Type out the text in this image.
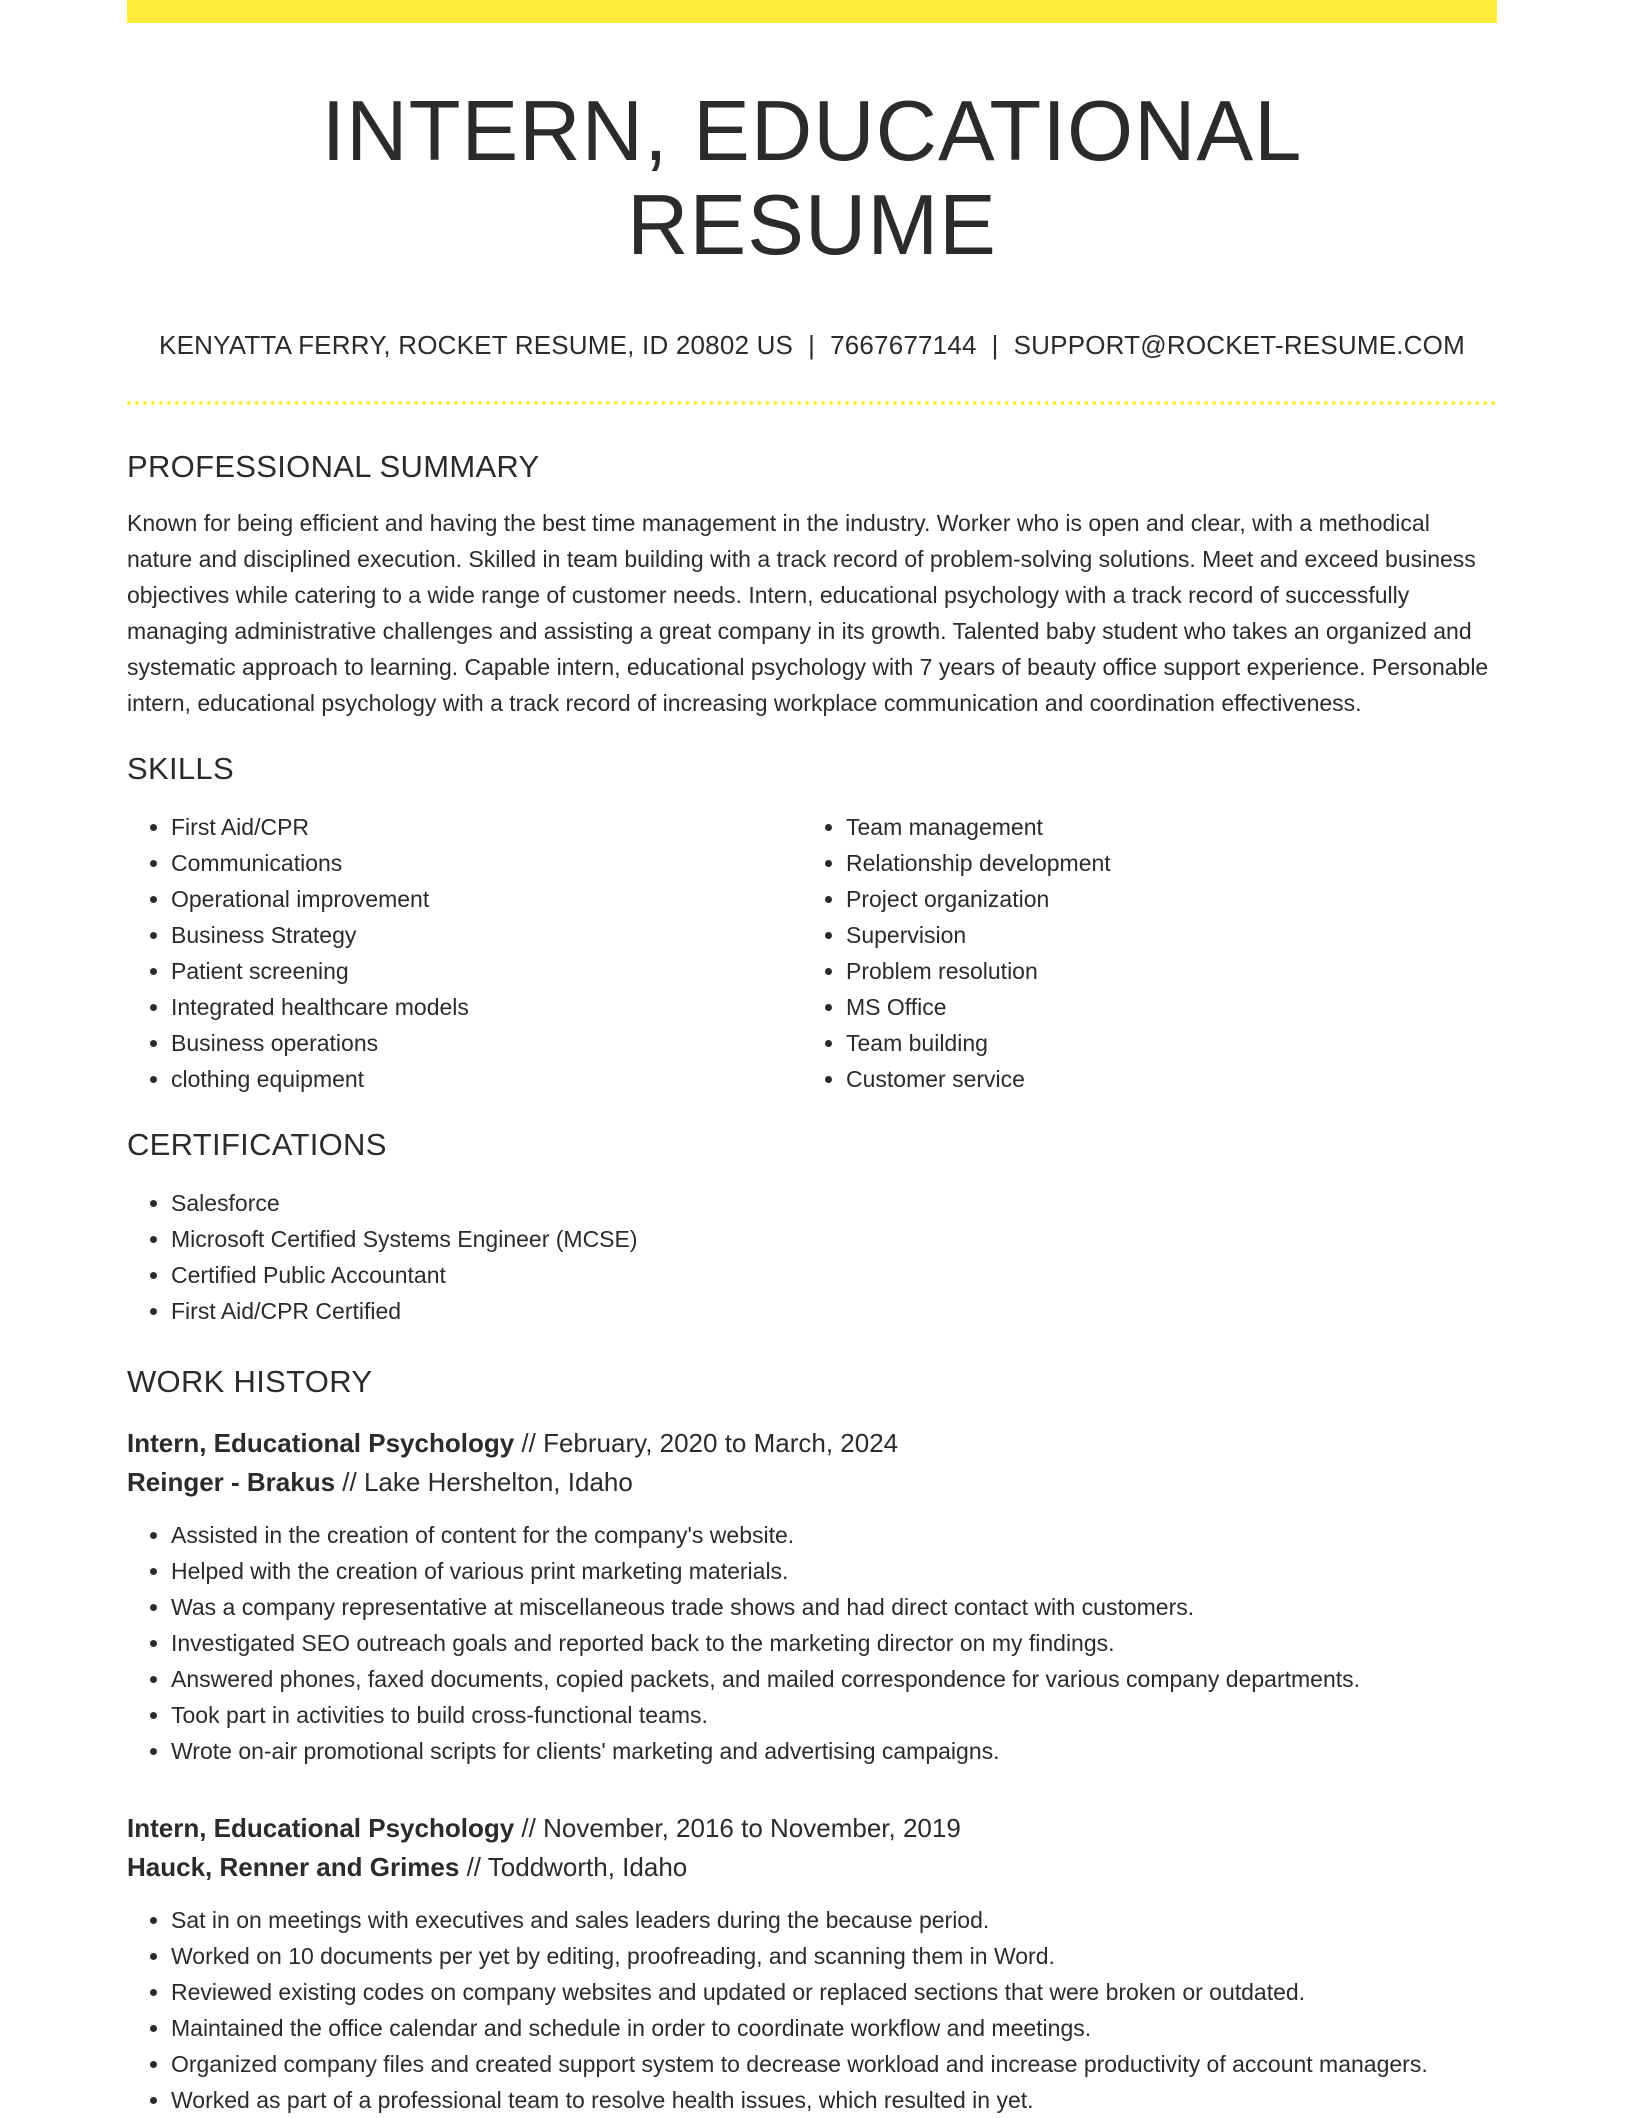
INTERN, EDUCATIONAL RESUME
KENYATTA FERRY, ROCKET RESUME, ID 20802 US | 7667677144 | SUPPORT@ROCKET-RESUME.COM
PROFESSIONAL SUMMARY

Known for being efficient and having the best time management in the industry. Worker who is open and clear, with a methodical nature and disciplined execution. Skilled in team building with a track record of problem-solving solutions. Meet and exceed business objectives while catering to a wide range of customer needs. Intern, educational psychology with a track record of successfully managing administrative challenges and assisting a great company in its growth. Talented baby student who takes an organized and systematic approach to learning. Capable intern, educational psychology with 7 years of beauty office support experience. Personable intern, educational psychology with a track record of increasing workplace communication and coordination effectiveness.

SKILLS
• First Aid/CPR
• Communications
• Operational improvement
• Business Strategy
• Patient screening
• Integrated healthcare models
• Business operations
• clothing equipment
• Team management
• Relationship development
• Project organization
• Supervision
• Problem resolution
• MS Office
• Team building
• Customer service
CERTIFICATIONS
• Salesforce
• Microsoft Certified Systems Engineer (MCSE)
• Certified Public Accountant
• First Aid/CPR Certified
WORK HISTORY
Intern, Educational Psychology // February, 2020 to March, 2024
Reinger - Brakus // Lake Hershelton, Idaho
• Assisted in the creation of content for the company's website.
• Helped with the creation of various print marketing materials.
• Was a company representative at miscellaneous trade shows and had direct contact with customers.
• Investigated SEO outreach goals and reported back to the marketing director on my findings.
• Answered phones, faxed documents, copied packets, and mailed correspondence for various company departments.
• Took part in activities to build cross-functional teams.
• Wrote on-air promotional scripts for clients' marketing and advertising campaigns.
Intern, Educational Psychology // November, 2016 to November, 2019
Hauck, Renner and Grimes // Toddworth, Idaho
• Sat in on meetings with executives and sales leaders during the because period.
• Worked on 10 documents per yet by editing, proofreading, and scanning them in Word.
• Reviewed existing codes on company websites and updated or replaced sections that were broken or outdated.
• Maintained the office calendar and schedule in order to coordinate workflow and meetings.
• Organized company files and created support system to decrease workload and increase productivity of account managers.
• Worked as part of a professional team to resolve health issues, which resulted in yet.
